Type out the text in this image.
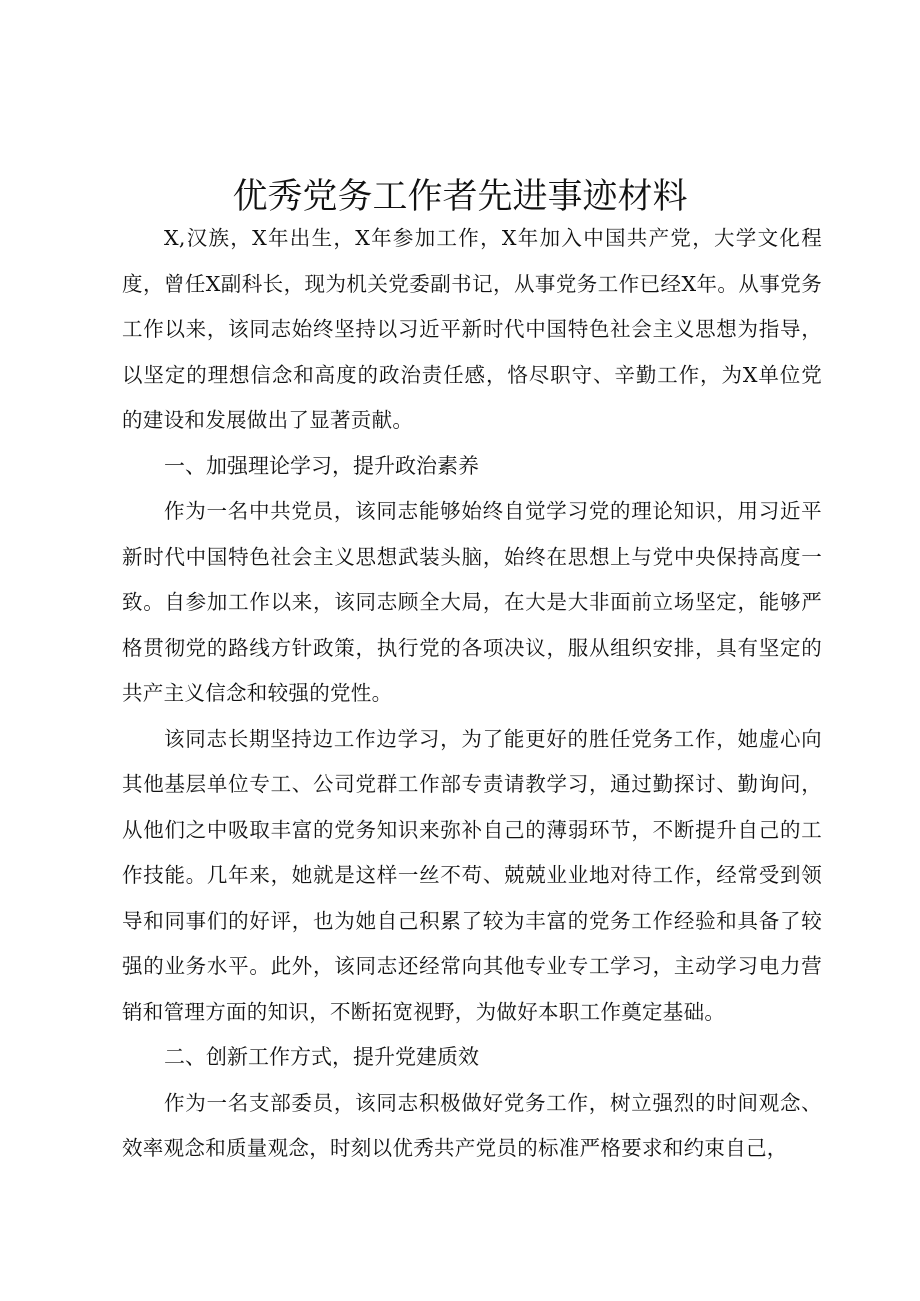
优秀党务工作者先进事迹材料

X,汉族，X年出生，X年参加工作，X年加入中国共产党，大学文化程度，曾任X副科长，现为机关党委副书记，从事党务工作已经X年。从事党务工作以来，该同志始终坚持以习近平新时代中国特色社会主义思想为指导，以坚定的理想信念和高度的政治责任感，恪尽职守、辛勤工作，为X单位党的建设和发展做出了显著贡献。

一、加强理论学习，提升政治素养

作为一名中共党员，该同志能够始终自觉学习党的理论知识，用习近平新时代中国特色社会主义思想武装头脑，始终在思想上与党中央保持高度一致。自参加工作以来，该同志顾全大局，在大是大非面前立场坚定，能够严格贯彻党的路线方针政策，执行党的各项决议，服从组织安排，具有坚定的共产主义信念和较强的党性。

该同志长期坚持边工作边学习，为了能更好的胜任党务工作，她虚心向其他基层单位专工、公司党群工作部专责请教学习，通过勤探讨、勤询问，从他们之中吸取丰富的党务知识来弥补自己的薄弱环节，不断提升自己的工作技能。几年来，她就是这样一丝不苟、兢兢业业地对待工作，经常受到领导和同事们的好评，也为她自己积累了较为丰富的党务工作经验和具备了较强的业务水平。此外，该同志还经常向其他专业专工学习，主动学习电力营销和管理方面的知识，不断拓宽视野，为做好本职工作奠定基础。

二、创新工作方式，提升党建质效

作为一名支部委员，该同志积极做好党务工作，树立强烈的时间观念、效率观念和质量观念，时刻以优秀共产党员的标准严格要求和约束自己，
